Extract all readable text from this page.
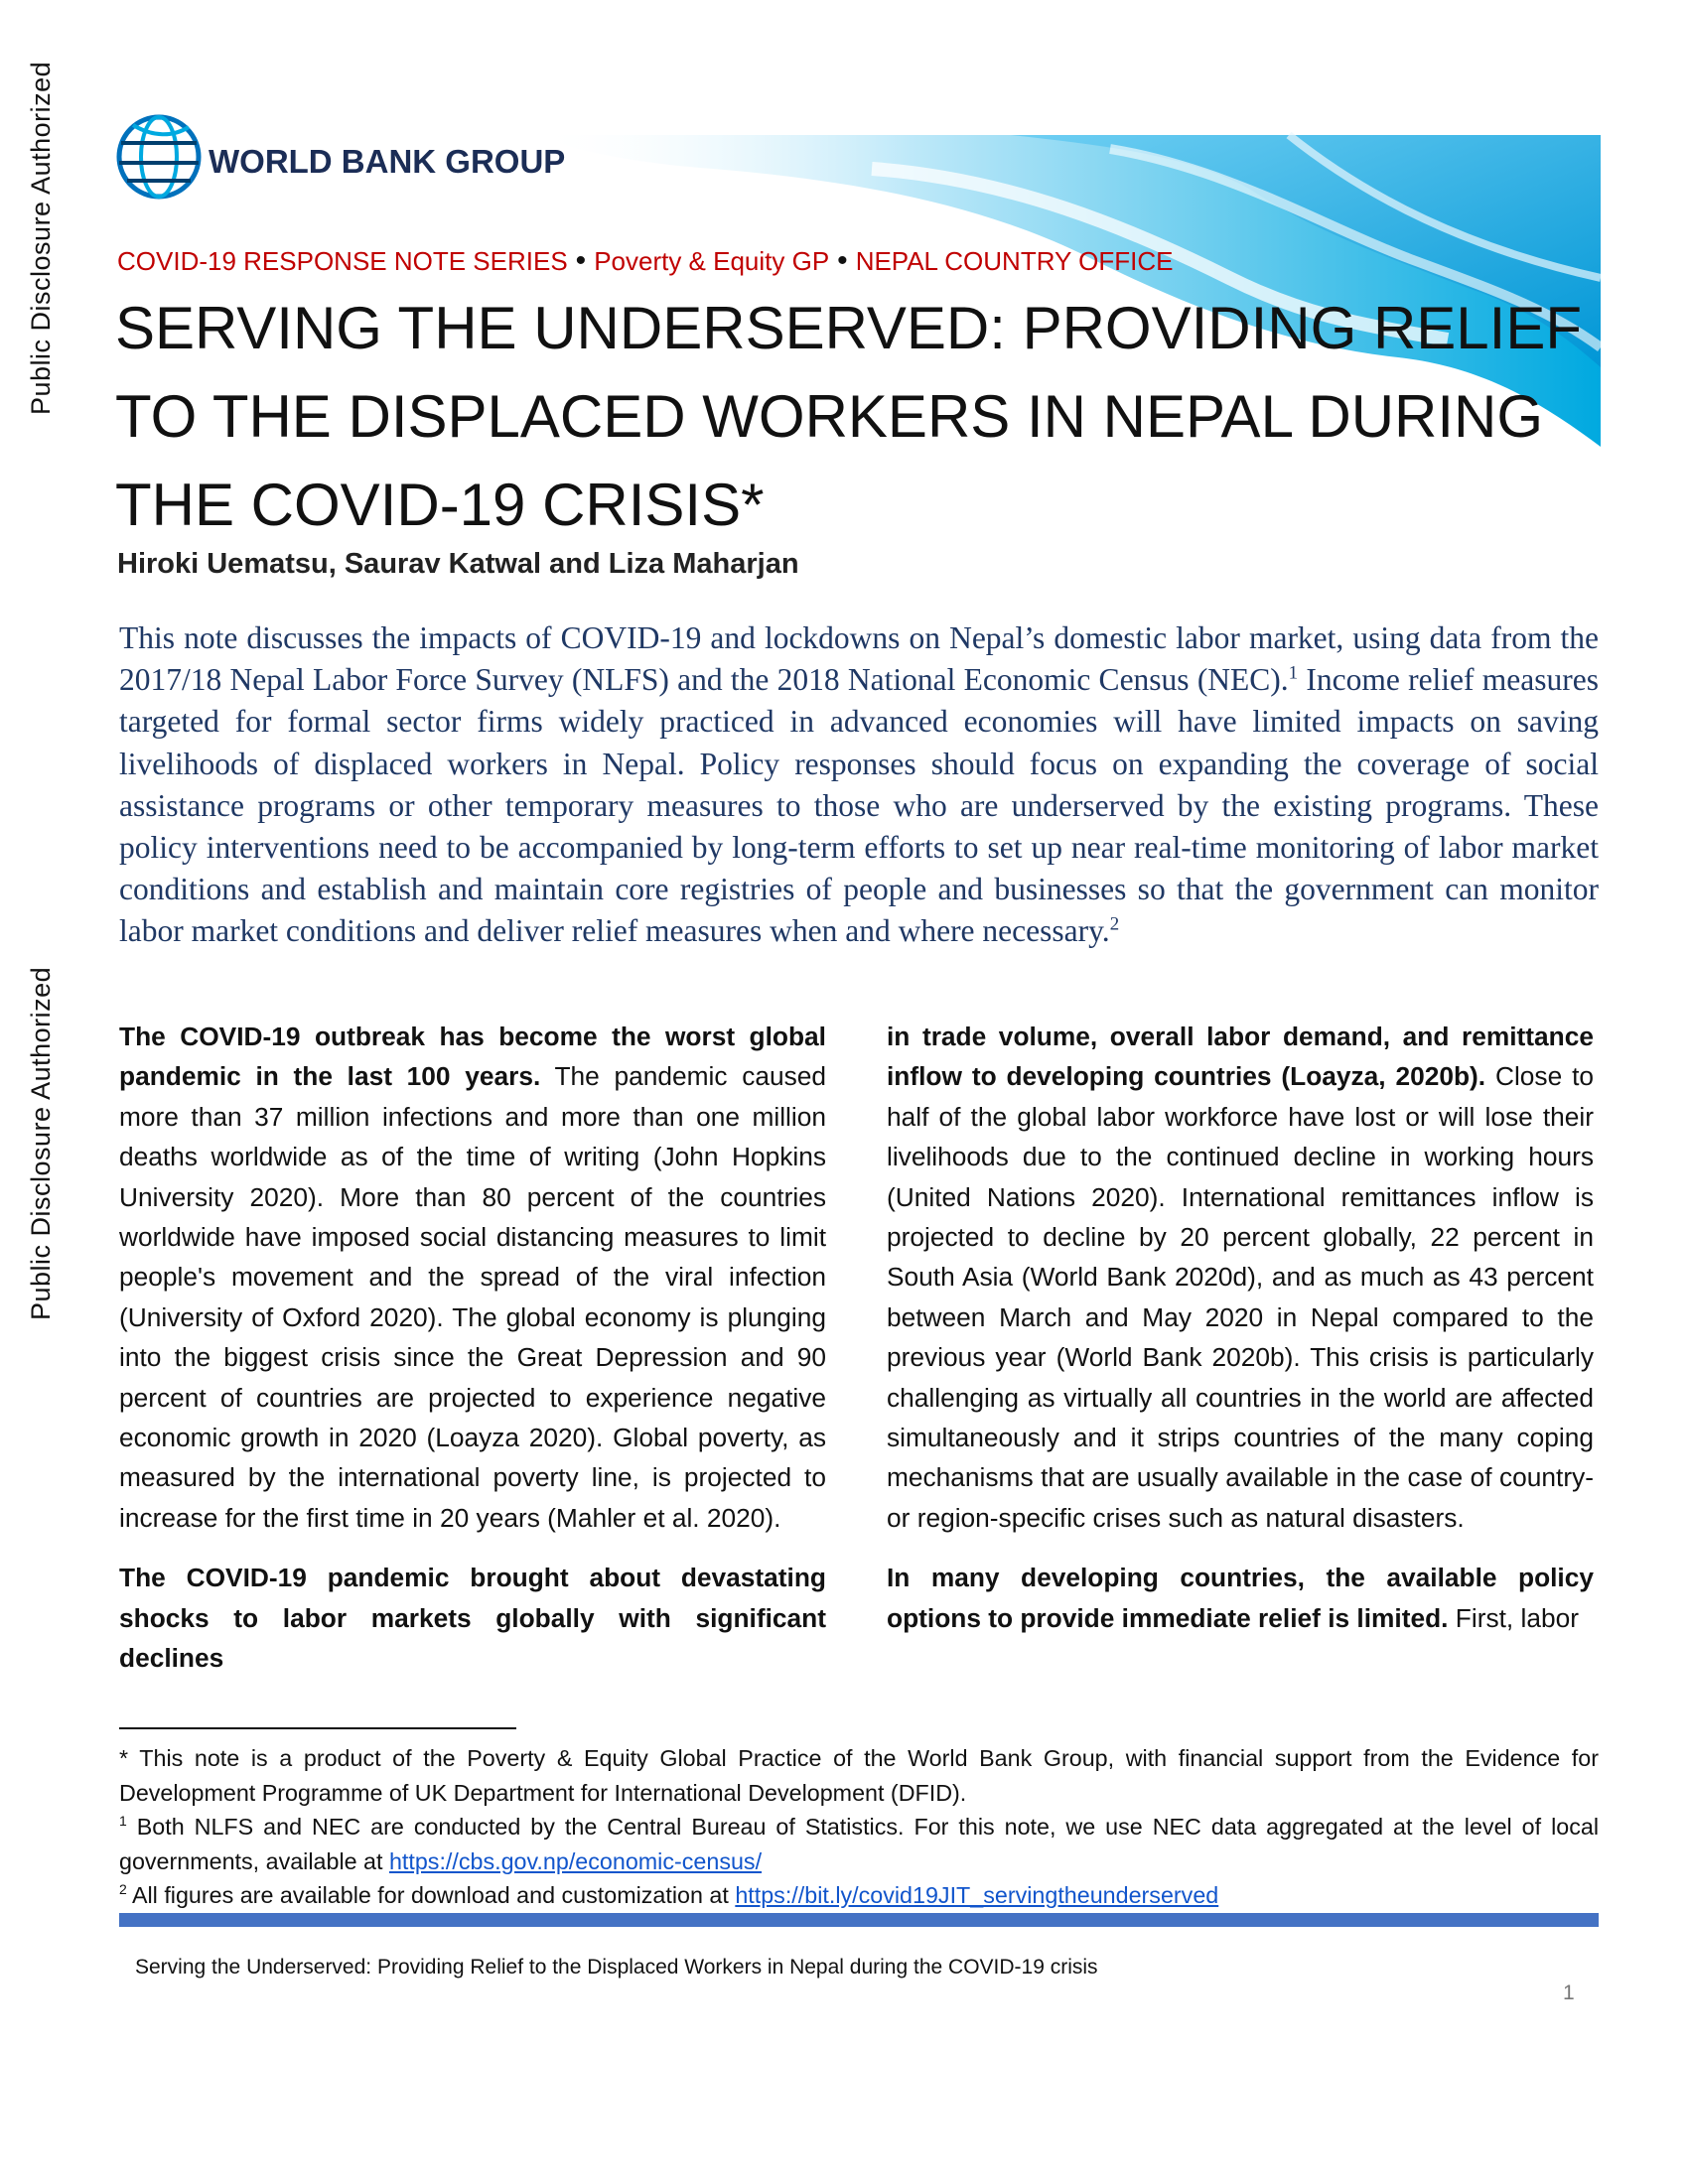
Public Disclosure Authorized
Public Disclosure Authorized
WORLD BANK GROUP
COVID-19 RESPONSE NOTE SERIES • Poverty & Equity GP • NEPAL COUNTRY OFFICE
SERVING THE UNDERSERVED: PROVIDING RELIEF TO THE DISPLACED WORKERS IN NEPAL DURING THE COVID-19 CRISIS*
Hiroki Uematsu, Saurav Katwal and Liza Maharjan

This note discusses the impacts of COVID-19 and lockdowns on Nepal’s domestic labor market, using data from the 2017/18 Nepal Labor Force Survey (NLFS) and the 2018 National Economic Census (NEC).$^1$ Income relief measures targeted for formal sector firms widely practiced in advanced economies will have limited impacts on saving livelihoods of displaced workers in Nepal. Policy responses should focus on expanding the coverage of social assistance programs or other temporary measures to those who are underserved by the existing programs. These policy interventions need to be accompanied by long-term efforts to set up near real-time monitoring of labor market conditions and establish and maintain core registries of people and businesses so that the government can monitor labor market conditions and deliver relief measures when and where necessary.$^2$

The COVID-19 outbreak has become the worst global pandemic in the last 100 years. The pandemic caused more than 37 million infections and more than one million deaths worldwide as of the time of writing (John Hopkins University 2020). More than 80 percent of the countries worldwide have imposed social distancing measures to limit people's movement and the spread of the viral infection (University of Oxford 2020). The global economy is plunging into the biggest crisis since the Great Depression and 90 percent of countries are projected to experience negative economic growth in 2020 (Loayza 2020). Global poverty, as measured by the international poverty line, is projected to increase for the first time in 20 years (Mahler et al. 2020).

The COVID-19 pandemic brought about devastating shocks to labor markets globally with significant declines

in trade volume, overall labor demand, and remittance inflow to developing countries (Loayza, 2020b). Close to half of the global labor workforce have lost or will lose their livelihoods due to the continued decline in working hours (United Nations 2020). International remittances inflow is projected to decline by 20 percent globally, 22 percent in South Asia (World Bank 2020d), and as much as 43 percent between March and May 2020 in Nepal compared to the previous year (World Bank 2020b). This crisis is particularly challenging as virtually all countries in the world are affected simultaneously and it strips countries of the many coping mechanisms that are usually available in the case of country- or region-specific crises such as natural disasters.

In many developing countries, the available policy options to provide immediate relief is limited. First, labor

* This note is a product of the Poverty & Equity Global Practice of the World Bank Group, with financial support from the Evidence for Development Programme of UK Department for International Development (DFID).

$^1$ Both NLFS and NEC are conducted by the Central Bureau of Statistics. For this note, we use NEC data aggregated at the level of local governments, available at https://cbs.gov.np/economic-census/

$^2$ All figures are available for download and customization at https://bit.ly/covid19JIT_servingtheunderserved

Serving the Underserved: Providing Relief to the Displaced Workers in Nepal during the COVID-19 crisis
1
